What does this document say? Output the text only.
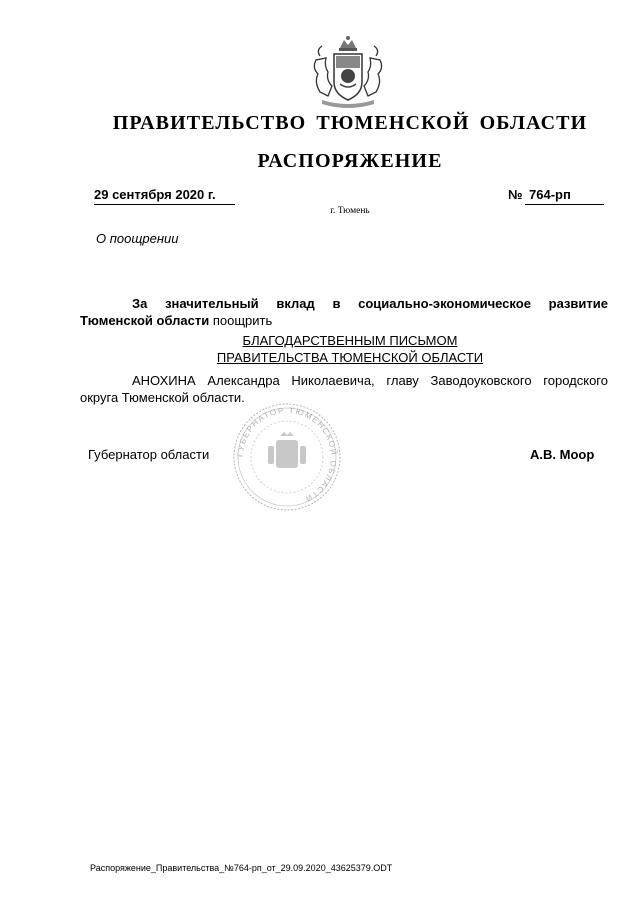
ПРАВИТЕЛЬСТВО ТЮМЕНСКОЙ ОБЛАСТИ
РАСПОРЯЖЕНИЕ
29 сентября 2020 г.	№ 764-рп
г. Тюмень
О поощрении
За значительный вклад в социально-экономическое развитие Тюменской области поощрить
БЛАГОДАРСТВЕННЫМ ПИСЬМОМ
ПРАВИТЕЛЬСТВА ТЮМЕНСКОЙ ОБЛАСТИ
АНОХИНА Александра Николаевича, главу Заводоуковского городского округа Тюменской области.
ГУБЕРНАТОР ТЮМЕНСКОЙ ОБЛАСТИ
Губернатор области	А.В. Моор
Распоряжение_Правительства_№764-рп_от_29.09.2020_43625379.ODT
